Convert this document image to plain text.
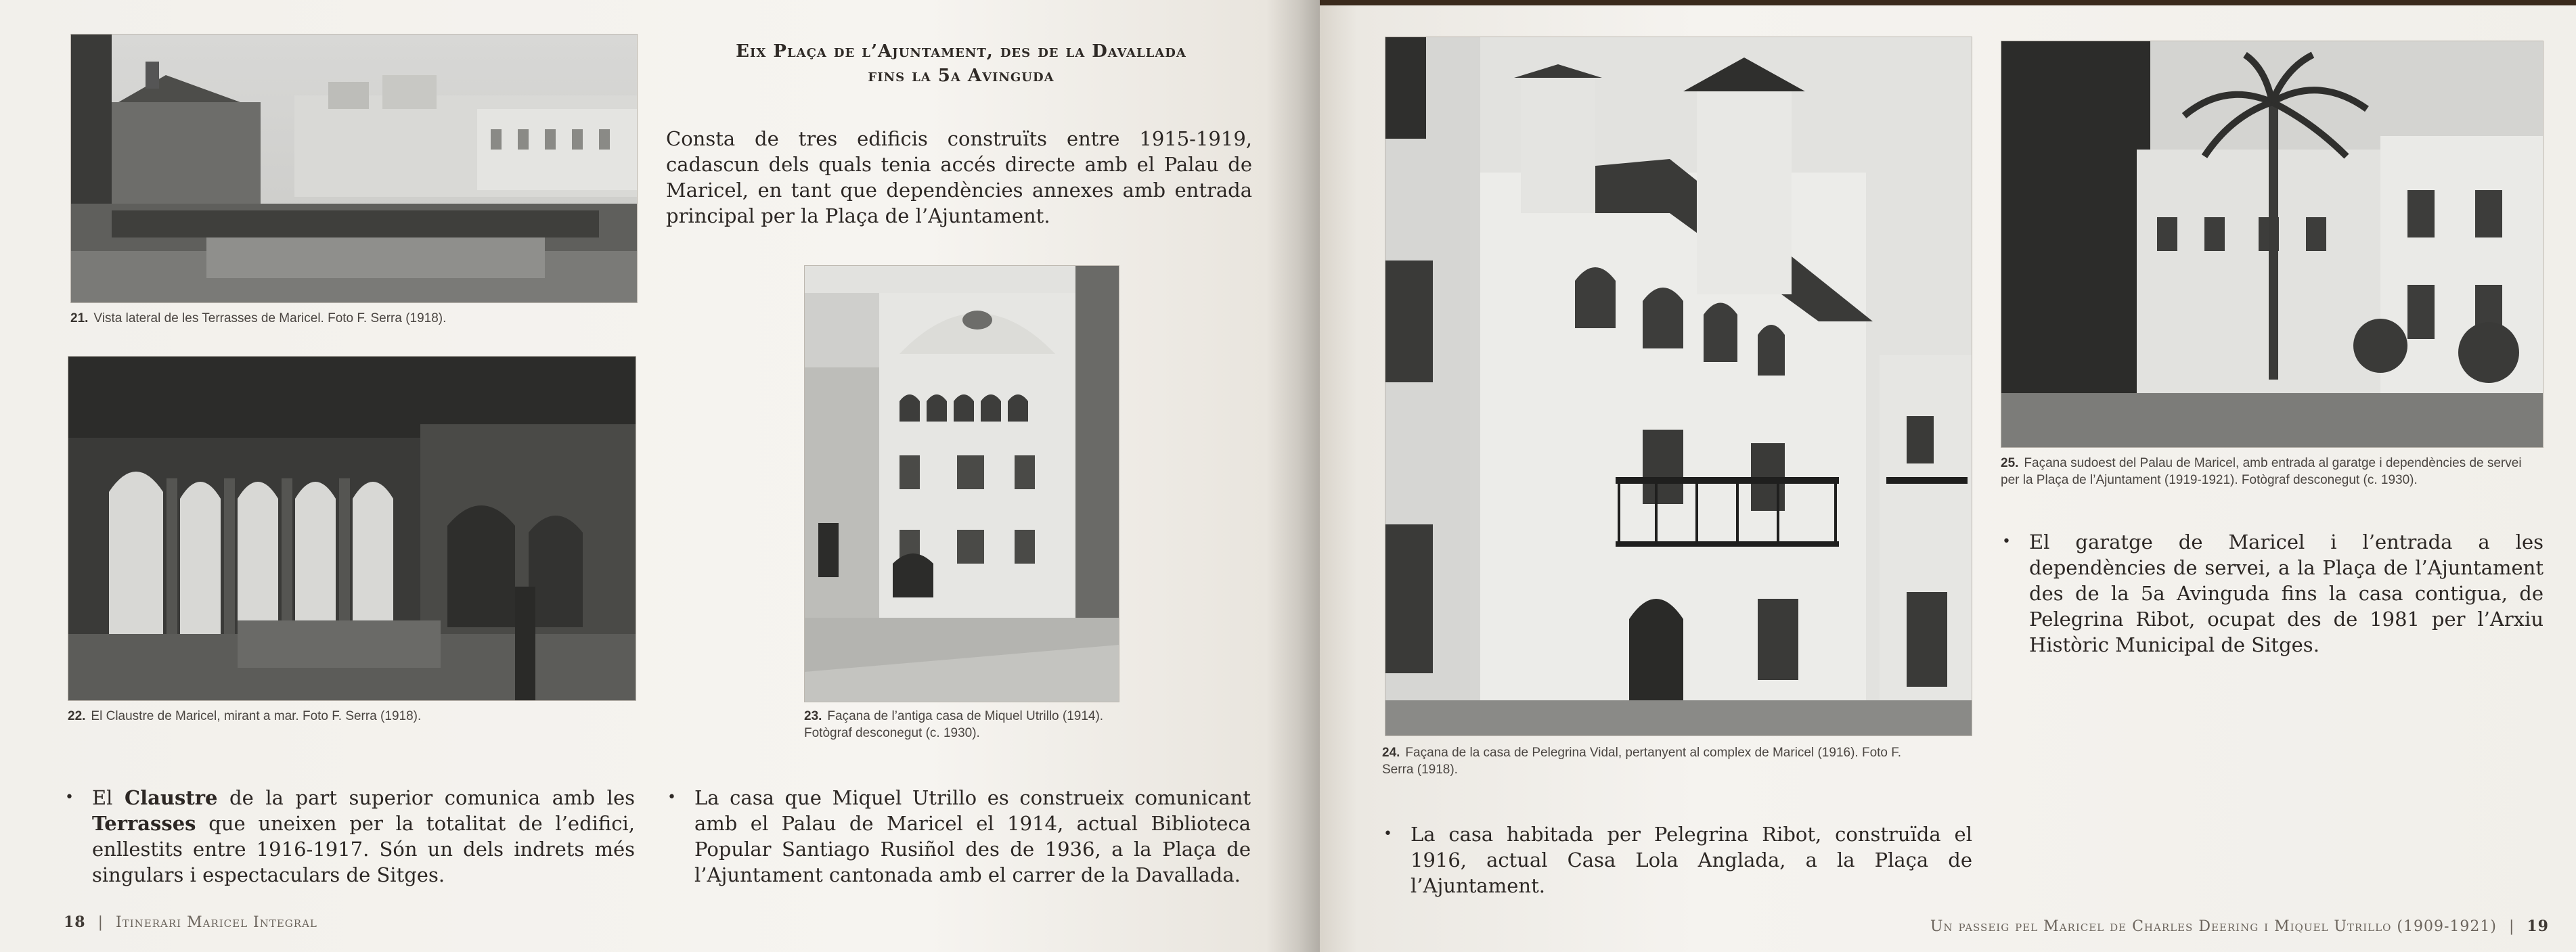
21. Vista lateral de les Terrasses de Maricel. Foto F. Serra (1918).
22. El Claustre de Maricel, mirant a mar. Foto F. Serra (1918).
Eix Plaça de l’Ajuntament, des de la Davallada
fins la 5a Avinguda
Consta de tres edificis construïts entre 1915-1919, cadascun dels quals tenia accés directe amb el Palau de Maricel, en tant que dependències annexes amb entrada principal per la Plaça de l’Ajuntament.
23. Façana de l’antiga casa de Miquel Utrillo (1914). Fotògraf desconegut (c. 1930).
• El Claustre de la part superior comunica amb les Terrasses que uneixen per la totalitat de l’edifici, enllestits entre 1916-1917. Són un dels indrets més singulars i espectaculars de Sitges.
• La casa que Miquel Utrillo es construeix comunicant amb el Palau de Maricel el 1914, actual Biblioteca Popular Santiago Rusiñol des de 1936, a la Plaça de l’Ajuntament cantonada amb el carrer de la Davallada.
18 | Itinerari Maricel Integral
24. Façana de la casa de Pelegrina Vidal, pertanyent al complex de Maricel (1916). Foto F. Serra (1918).
25. Façana sudoest del Palau de Maricel, amb entrada al garatge i dependències de servei per la Plaça de l’Ajuntament (1919-1921). Fotògraf desconegut (c. 1930).
• El garatge de Maricel i l’entrada a les dependències de servei, a la Plaça de l’Ajuntament des de la 5a Avinguda fins la casa contigua, de Pelegrina Ribot, ocupat des de 1981 per l’Arxiu Històric Municipal de Sitges.
• La casa habitada per Pelegrina Ribot, construïda el 1916, actual Casa Lola Anglada, a la Plaça de l’Ajuntament.
Un passeig pel Maricel de Charles Deering i Miquel Utrillo (1909-1921) | 19
